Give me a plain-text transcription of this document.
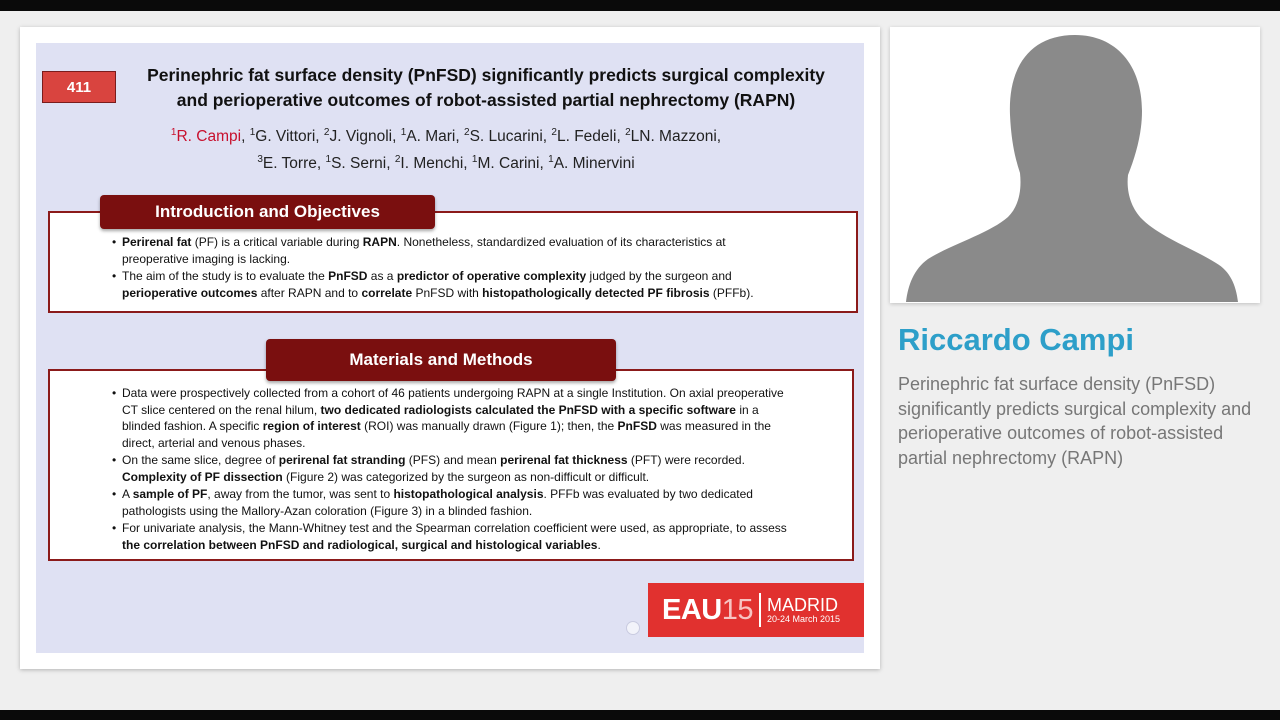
411
Perinephric fat surface density (PnFSD) significantly predicts surgical complexity
and perioperative outcomes of robot-assisted partial nephrectomy (RAPN)
$^1$R. Campi, $^1$G. Vittori, $^2$J. Vignoli, $^1$A. Mari, $^2$S. Lucarini, $^2$L. Fedeli, $^2$LN. Mazzoni,
$^3$E. Torre, $^1$S. Serni, $^2$I. Menchi, $^1$M. Carini, $^1$A. Minervini
Introduction and Objectives
• Perirenal fat (PF) is a critical variable during RAPN. Nonetheless, standardized evaluation of its characteristics at preoperative imaging is lacking.
• The aim of the study is to evaluate the PnFSD as a predictor of operative complexity judged by the surgeon and perioperative outcomes after RAPN and to correlate PnFSD with histopathologically detected PF fibrosis (PFFb).
Materials and Methods
• Data were prospectively collected from a cohort of 46 patients undergoing RAPN at a single Institution. On axial preoperative CT slice centered on the renal hilum, two dedicated radiologists calculated the PnFSD with a specific software in a blinded fashion. A specific region of interest (ROI) was manually drawn (Figure 1); then, the PnFSD was measured in the direct, arterial and venous phases.
• On the same slice, degree of perirenal fat stranding (PFS) and mean perirenal fat thickness (PFT) were recorded. Complexity of PF dissection (Figure 2) was categorized by the surgeon as non-difficult or difficult.
• A sample of PF, away from the tumor, was sent to histopathological analysis. PFFb was evaluated by two dedicated pathologists using the Mallory-Azan coloration (Figure 3) in a blinded fashion.
• For univariate analysis, the Mann-Whitney test and the Spearman correlation coefficient were used, as appropriate, to assess the correlation between PnFSD and radiological, surgical and histological variables.
EAU15 MADRID
20-24 March 2015
Riccardo Campi
Perinephric fat surface density (PnFSD) significantly predicts surgical complexity and perioperative outcomes of robot-assisted partial nephrectomy (RAPN)
